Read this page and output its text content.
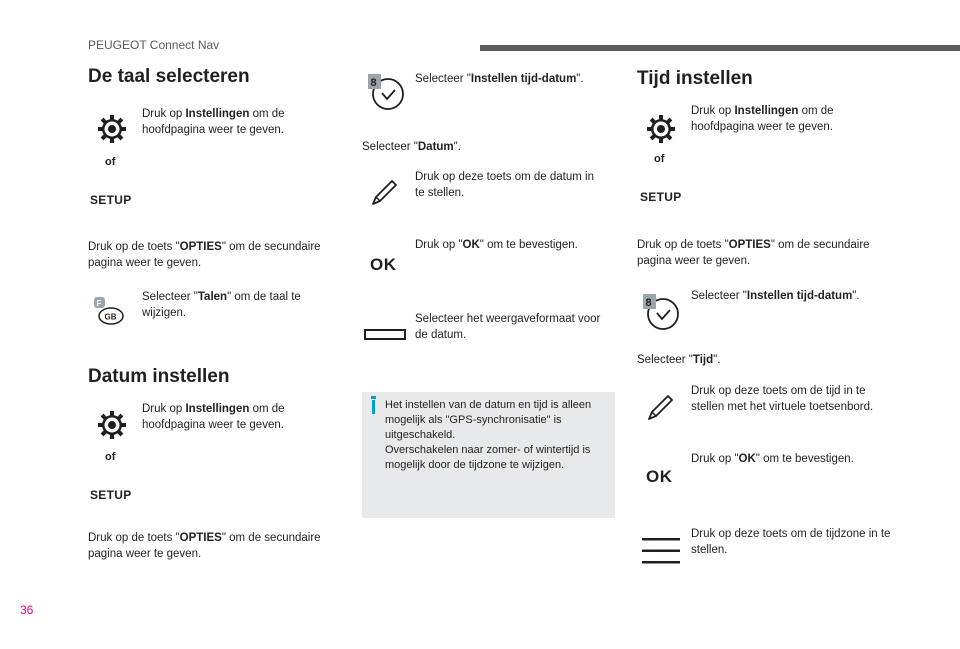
PEUGEOT Connect Nav
De taal selecteren
Druk op Instellingen om de hoofdpagina weer te geven.
of
SETUP
Druk op de toets "OPTIES" om de secundaire pagina weer te geven.
F
GB
Selecteer "Talen" om de taal te wijzigen.
Datum instellen
Druk op Instellingen om de hoofdpagina weer te geven.
of
SETUP
Druk op de toets "OPTIES" om de secundaire pagina weer te geven.
8	Selecteer "Instellen tijd-datum".
Selecteer "Datum".
Druk op deze toets om de datum in te stellen.
OK
Druk op "OK" om te bevestigen.
Selecteer het weergaveformaat voor de datum.
Het instellen van de datum en tijd is alleen mogelijk als "GPS-synchronisatie" is uitgeschakeld.
Overschakelen naar zomer- of wintertijd is mogelijk door de tijdzone te wijzigen.
Tijd instellen
Druk op Instellingen om de hoofdpagina weer te geven.
of
SETUP
Druk op de toets "OPTIES" om de secundaire pagina weer te geven.
8
Selecteer "Instellen tijd-datum".
Selecteer "Tijd".
Druk op deze toets om de tijd in te stellen met het virtuele toetsenbord.
OK
Druk op "OK" om te bevestigen.
Druk op deze toets om de tijdzone in te stellen.
36
